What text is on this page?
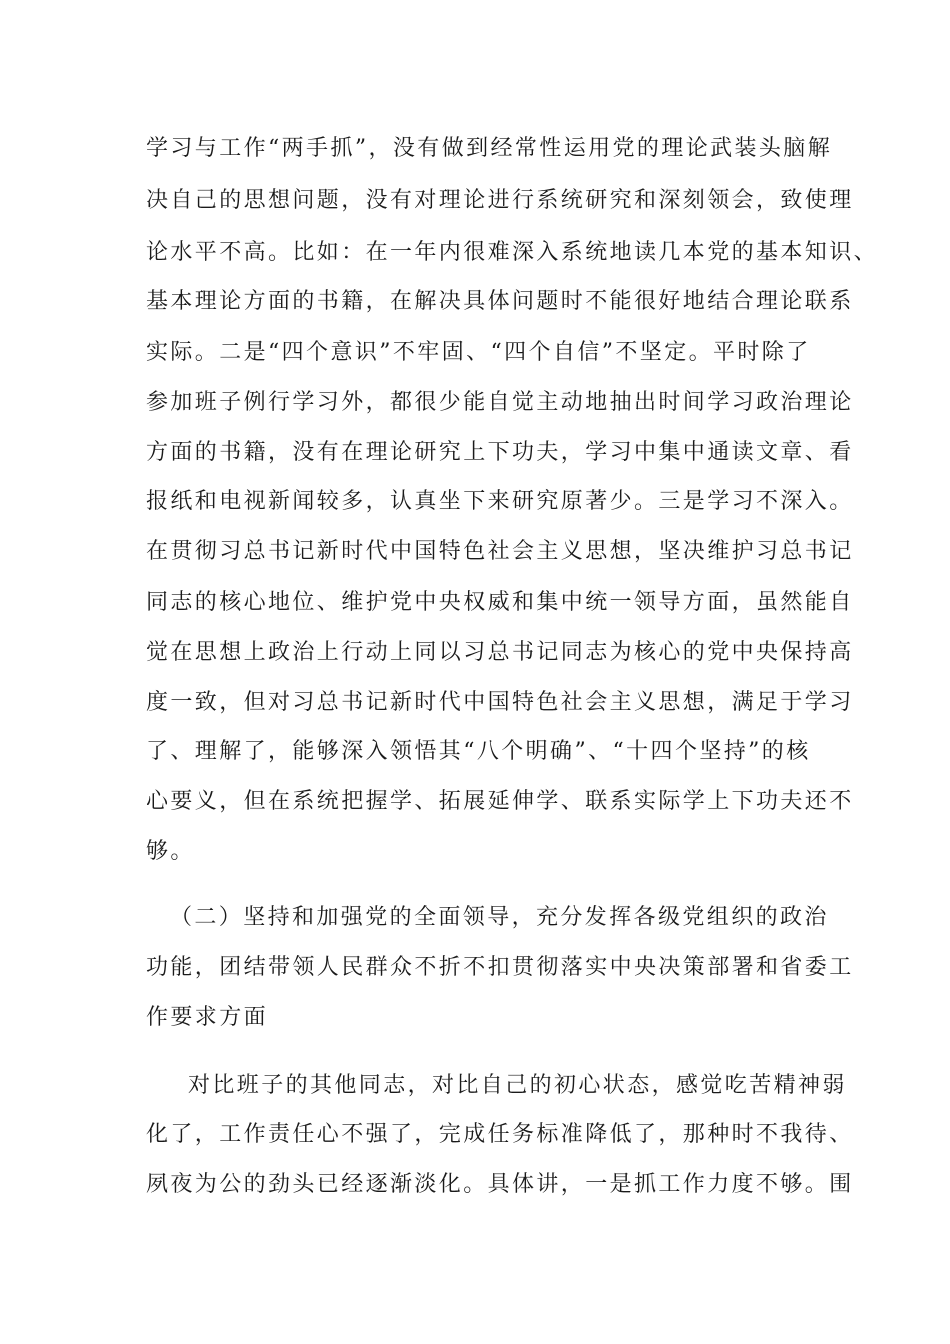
学习与工作“两手抓”，没有做到经常性运用党的理论武装头脑解
决自己的思想问题，没有对理论进行系统研究和深刻领会，致使理
论水平不高。比如：在一年内很难深入系统地读几本党的基本知识、
基本理论方面的书籍，在解决具体问题时不能很好地结合理论联系
实际。二是“四个意识”不牢固、“四个自信”不坚定。平时除了
参加班子例行学习外，都很少能自觉主动地抽出时间学习政治理论
方面的书籍，没有在理论研究上下功夫，学习中集中通读文章、看
报纸和电视新闻较多，认真坐下来研究原著少。三是学习不深入。
在贯彻习总书记新时代中国特色社会主义思想，坚决维护习总书记
同志的核心地位、维护党中央权威和集中统一领导方面，虽然能自
觉在思想上政治上行动上同以习总书记同志为核心的党中央保持高
度一致，但对习总书记新时代中国特色社会主义思想，满足于学习
了、理解了，能够深入领悟其“八个明确”、“十四个坚持”的核
心要义，但在系统把握学、拓展延伸学、联系实际学上下功夫还不
够。
（二）坚持和加强党的全面领导，充分发挥各级党组织的政治
功能，团结带领人民群众不折不扣贯彻落实中央决策部署和省委工
作要求方面
对比班子的其他同志，对比自己的初心状态，感觉吃苦精神弱
化了，工作责任心不强了，完成任务标准降低了，那种时不我待、
夙夜为公的劲头已经逐渐淡化。具体讲，一是抓工作力度不够。围
